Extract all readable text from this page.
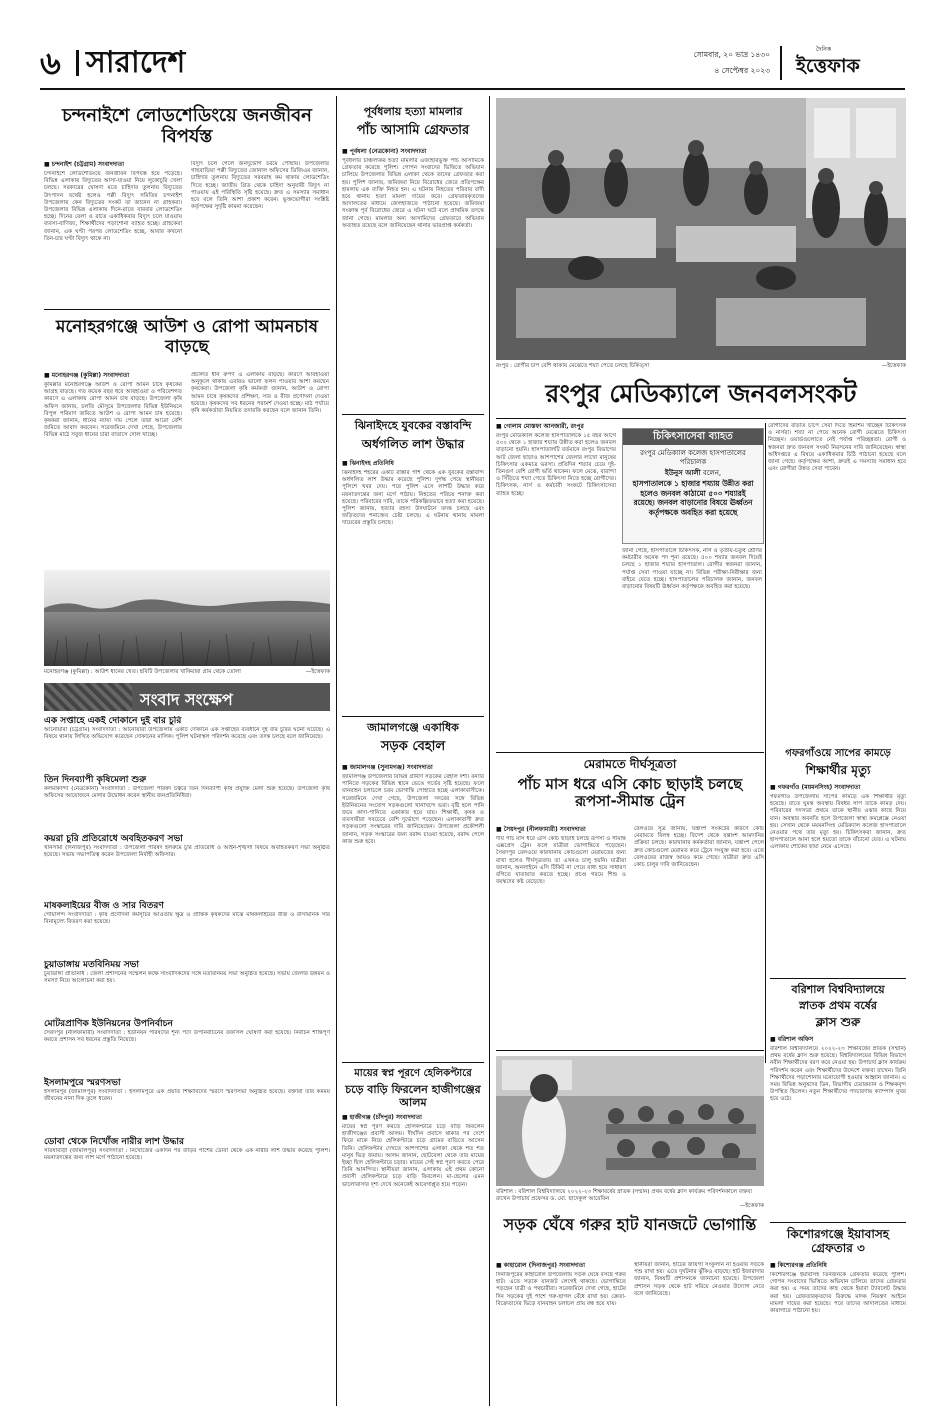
৬ সারাদেশ	সোমবার, ২০ ভাদ্র ১৪৩০
৪ সেপ্টেম্বর ২০২৩
দৈনিক
ইত্তেফাক
চন্দনাইশে লোডশেডিংয়ে জনজীবন বিপর্যস্ত
■ চন্দনাইশ (চট্টগ্রাম) সংবাদদাতা
চন্দনাইশে লোডশেডিংয়ে জনজীবন বিপর্যস্ত হয়ে পড়েছে। বিভিন্ন এলাকায় বিদ্যুতের আসা-যাওয়া নিয়ে লুকোচুরি খেলা চলছে। সরকারের ঘোষণা মতে চাহিদার তুলনায় বিদ্যুতের উৎপাদন যথেষ্ট হলেও পল্লী বিদ্যুৎ সমিতির চন্দনাইশ উপজেলায় কেন বিদ্যুতের সংকট তা জানেন না গ্রাহকরা। উপজেলার বিভিন্ন এলাকায় দিনে-রাতে বারবার লোডশেডিং হচ্ছে। দিনের বেলা ও রাতে একাধিকবার বিদ্যুৎ চলে যাওয়ায় ব্যবসা-বাণিজ্য, শিক্ষার্থীদের পড়াশোনা ব্যাহত হচ্ছে। গ্রাহকেরা জানান, এক ঘণ্টা পরপর লোডশেডিং হচ্ছে, আবার কখনো তিন-চার ঘণ্টা বিদ্যুৎ থাকে না।
বিদ্যুৎ চলে গেলে জনদুর্ভোগ চরমে পৌঁছায়। উপজেলার গাছবাড়িয়া পল্লী বিদ্যুতের জোনাল অফিসের ডিজিএম জানান, চাহিদার তুলনায় বিদ্যুতের সরবরাহ কম থাকায় লোডশেডিং দিতে হচ্ছে। জাতীয় গ্রিড থেকে চাহিদা অনুযায়ী বিদ্যুৎ না পাওয়ায় এই পরিস্থিতি সৃষ্টি হয়েছে। দ্রুত এ সমস্যার সমাধান হবে বলে তিনি আশা প্রকাশ করেন। ভুক্তভোগীরা সংশ্লিষ্ট কর্তৃপক্ষের সুদৃষ্টি কামনা করেছেন।
মনোহরগঞ্জে আউশ ও রোপা আমনচাষ বাড়ছে
■ মনোহরগঞ্জ (কুমিল্লা) সংবাদদাতা
কুমিল্লার মনোহরগঞ্জে আউশ ও রোপা আমন চাষে কৃষকের আগ্রহ বাড়ছে। গত কয়েক বছর ধরে আবহাওয়া ও পরিবেশগত কারণে এ এলাকায় রোপা আমন চাষ বাড়ছে। উপজেলা কৃষি অফিস জানায়, চলতি মৌসুমে উপজেলার বিভিন্ন ইউনিয়নে বিপুল পরিমাণ জমিতে আউশ ও রোপা আমন চাষ হয়েছে। কৃষকরা জানান, ধানের ন্যায্য দাম পেলে তারা আরো বেশি জমিতে আবাদ করবেন। সরেজমিনে দেখা গেছে, উপজেলার বিভিন্ন মাঠে সবুজ ধানের চারা বাতাসে দোল খাচ্ছে।
প্রচলিত ধান রুপণ এ এলাকায় বাড়ছে। কারণে আবহাওয়া অনুকূলে থাকায় এবারও ভালো ফলন পাওয়ার আশা করছেন কৃষকেরা। উপজেলা কৃষি কর্মকর্তা জানান, আউশ ও রোপা আমন চাষে কৃষকদের প্রশিক্ষণ, সার ও বীজ প্রণোদনা দেওয়া হয়েছে। কৃষকদের সব ধরনের পরামর্শ দেওয়া হচ্ছে। মাঠ পর্যায়ে কৃষি কর্মকর্তারা নিয়মিত তদারকি করছেন বলে জানান তিনি।
মনোহরগঞ্জ (কুমিল্লা) : আউশ ধানের খেত। ছবিটি উপজেলার খাকিয়ারা গ্রাম থেকে তোলা	—ইত্তেফাক
সংবাদ সংক্ষেপ
এক সপ্তাহে একই দোকানে দুই বার চুরি
আনোয়ারা (চট্টগ্রাম) সংবাদদাতা : আনোয়ারা উপজেলায় একটি দোকানে এক সপ্তাহের ব্যবধানে দুই বার চুরির ঘটনা ঘটেছে। এ বিষয়ে থানায় লিখিত অভিযোগ করেছেন দোকানের মালিক। পুলিশ ঘটনাস্থল পরিদর্শন করেছে এবং তদন্ত চলছে বলে জানিয়েছে।
তিন দিনব্যাপী কৃষিমেলা শুরু
কলমাকান্দা (নেত্রকোনা) সংবাদদাতা : উপজেলা পরিষদ চত্বরে তিন দিনব্যাপী কৃষি প্রযুক্তি মেলা শুরু হয়েছে। উপজেলা কৃষি অফিসের আয়োজনে মেলার উদ্বোধন করেন স্থানীয় জনপ্রতিনিধিরা।
কয়রা চুরি প্রতিরোধে অবহিতকরণ সভা
খানসামা (দিনাজপুর) সংবাদদাতা : উপজেলা পরিষদ হলরুমে চুরি প্রতিরোধ ও আইন-শৃঙ্খলা বিষয়ে অবহিতকরণ সভা অনুষ্ঠিত হয়েছে। সভায় সভাপতিত্ব করেন উপজেলা নির্বাহী অফিসার।
মাষকলাইয়ের বীজ ও সার বিতরণ
গোয়ালন্দ সংবাদদাতা : কৃষি প্রণোদনা কর্মসূচির আওতায় ক্ষুদ্র ও প্রান্তিক কৃষকদের মাঝে মাষকলাইয়ের বীজ ও রাসায়নিক সার বিনামূল্যে বিতরণ করা হয়েছে।
চুয়াডাঙ্গায় মতবিনিময় সভা
চুয়াডাঙ্গা প্রতিনিধি : জেলা প্রশাসনের সম্মেলন কক্ষে সাংবাদিকদের সঙ্গে মতবিনিময় সভা অনুষ্ঠিত হয়েছে। সভায় জেলার উন্নয়ন ও সমস্যা নিয়ে আলোচনা করা হয়।
মোটরপ্রাণিক ইউনিয়নের উপনির্বাচন
সৈয়দপুর (নীলফামারী) সংবাদদাতা : ইউনিয়ন পরিষদের শূন্য পদে উপনির্বাচনের তফসিল ঘোষণা করা হয়েছে। নির্বাচন শান্তিপূর্ণ করতে প্রশাসন সব ধরনের প্রস্তুতি নিয়েছে।
ইসলামপুরে স্মরণসভা
ইসলামপুর (জামালপুর) সংবাদদাতা : ইসলামপুরে এক প্রয়াত শিক্ষাবিদের স্মরণে স্মরণসভা অনুষ্ঠিত হয়েছে। বক্তারা তার কর্মময় জীবনের নানা দিক তুলে ধরেন।
ডোবা থেকে নিখোঁজ নারীর লাশ উদ্ধার
সরিষাবাড়ী (জামালপুর) সংবাদদাতা : নিখোঁজের একদিন পর বাড়ির পাশের ডোবা থেকে এক নারীর লাশ উদ্ধার করেছে পুলিশ। ময়নাতদন্তের জন্য লাশ মর্গে পাঠানো হয়েছে।
পূর্বধলায় হত্যা মামলার
পাঁচ আসামি গ্রেফতার
■ পূর্বধলা (নেত্রকোনা) সংবাদদাতা
পূর্বধলায় চাঞ্চল্যকর হত্যা মামলার এজাহারভুক্ত পাঁচ আসামিকে গ্রেফতার করেছে পুলিশ। গোপন সংবাদের ভিত্তিতে অভিযান চালিয়ে উপজেলার বিভিন্ন এলাকা থেকে তাদের গ্রেফতার করা হয়। পুলিশ জানায়, জমিজমা নিয়ে বিরোধের জেরে প্রতিপক্ষের হামলায় এক ব্যক্তি নিহত হন। এ ঘটনায় নিহতের পরিবার বাদী হয়ে থানায় হত্যা মামলা দায়ের করে। গ্রেফতারকৃতদের আদালতের মাধ্যমে জেলহাজতে পাঠানো হয়েছে। জমিজমা সংক্রান্ত পূর্ব বিরোধের জেরে এ ঘটনা ঘটে বলে প্রাথমিক তদন্তে জানা গেছে। মামলার অন্য আসামিদের গ্রেফতারে অভিযান অব্যাহত রয়েছে বলে জানিয়েছেন থানার ভারপ্রাপ্ত কর্মকর্তা।
ঝিনাইদহে যুবকের বস্তাবন্দি
অর্ধগলিত লাশ উদ্ধার
■ ঝিনাইদহ প্রতিনিধি
ঝিনাইদহ শহরের একটি রাস্তার পাশ থেকে এক যুবকের বস্তাবন্দি অর্ধগলিত লাশ উদ্ধার করেছে পুলিশ। দুর্গন্ধ পেয়ে স্থানীয়রা পুলিশে খবর দেয়। পরে পুলিশ এসে লাশটি উদ্ধার করে ময়নাতদন্তের জন্য মর্গে পাঠায়। নিহতের পরিচয় শনাক্ত করা হয়েছে। পরিবারের দাবি, তাকে পরিকল্পিতভাবে হত্যা করা হয়েছে। পুলিশ জানায়, হত্যার রহস্য উদঘাটনে তদন্ত চলছে এবং জড়িতদের শনাক্তের চেষ্টা চলছে। এ ঘটনায় থানায় মামলা দায়েরের প্রস্তুতি চলছে।
জামালগঞ্জে একাধিক
সড়ক বেহাল
■ জামালগঞ্জ (সুনামগঞ্জ) সংবাদদাতা
জামালগঞ্জ উপজেলার বিভিন্ন গ্রামীণ সড়কের বেহাল দশা। বন্যার পানিতে সড়কের বিভিন্ন স্থানে ভেঙে গর্তের সৃষ্টি হয়েছে। ফলে যানবাহন চলাচলে চরম ভোগান্তি পোহাতে হচ্ছে এলাকাবাসীকে। সরেজমিনে দেখা গেছে, উপজেলা সদরের সঙ্গে বিভিন্ন ইউনিয়নের সংযোগ সড়কগুলো খানাখন্দে ভরা। বৃষ্টি হলে পানি জমে কাদা-পানিতে একাকার হয়ে যায়। শিক্ষার্থী, কৃষক ও ব্যবসায়ীরা সবচেয়ে বেশি দুর্ভোগে পড়েছেন। এলাকাবাসী দ্রুত সড়কগুলো সংস্কারের দাবি জানিয়েছেন। উপজেলা প্রকৌশলী জানান, সড়ক সংস্কারের জন্য বরাদ্দ চাওয়া হয়েছে, বরাদ্দ পেলে কাজ শুরু হবে।
মায়ের স্বপ্ন পূরণে হেলিকপ্টারে
চড়ে বাড়ি ফিরলেন হাজীগঞ্জের আলম
■ হাজীগঞ্জ (চাঁদপুর) সংবাদদাতা
মায়ের স্বপ্ন পূরণ করতে হেলিকপ্টারে চড়ে বাড়ি ফিরলেন হাজীগঞ্জের প্রবাসী আলম। দীর্ঘদিন প্রবাসে থাকার পর দেশে ফিরে মাকে নিয়ে হেলিকপ্টারে চড়ে গ্রামের বাড়িতে আসেন তিনি। হেলিকপ্টার দেখতে আশপাশের এলাকা থেকে শত শত মানুষ ভিড় জমায়। আলম জানান, ছোটবেলা থেকে তার মায়ের ইচ্ছা ছিল হেলিকপ্টারে চড়ার। মায়ের সেই স্বপ্ন পূরণ করতে পেরে তিনি আনন্দিত। স্থানীয়রা জানান, এলাকায় এই প্রথম কোনো প্রবাসী হেলিকপ্টারে চড়ে বাড়ি ফিরলেন। মা-ছেলের এমন ভালোবাসার দৃশ্য দেখে অনেকেই আবেগাপ্লুত হয়ে পড়েন।
রংপুর : রোগীর চাপ বেশি থাকায় মেঝেতে শয্যা পেতে চলছে চিকিত্সা	—ইত্তেফাক
রংপুর মেডিক্যালে জনবলসংকট
■ গোলাম মোস্তফা আনজারী, রংপুর
রংপুর মেডিক্যাল কলেজ হাসপাতালকে ১৫ বছর আগে ৫০০ থেকে ১ হাজার শয্যায় উন্নীত করা হলেও জনবল বাড়ানো হয়নি। হাসপাতালটি বর্তমানে রংপুর বিভাগের আট জেলা ছাড়াও আশপাশের জেলার লাখো মানুষের চিকিৎসার একমাত্র ভরসা। প্রতিদিন শয্যার চেয়ে দুই-তিনগুণ বেশি রোগী ভর্তি থাকেন। ফলে মেঝে, বারান্দা ও সিঁড়িতে শয্যা পেতে চিকিৎসা নিতে হচ্ছে রোগীদের। চিকিৎসক, নার্স ও কর্মচারী সংকটে চিকিৎসাসেবা ব্যাহত হচ্ছে।
চিকিৎসাসেবা ব্যাহত
রংপুর মেডিক্যাল কলেজ হাসপাতালের পরিচালক
ইউনুস আলী বলেন,
হাসপাতালকে ১ হাজার শয্যায় উন্নীত করা হলেও জনবল কাঠামো ৫০০ শয্যারই রয়েছে। জনবল বাড়ানোর বিষয়ে ঊর্ধ্বতন কর্তৃপক্ষকে অবহিত করা হয়েছে
জানা গেছে, হাসপাতালে চিকিৎসক, নার্স ও তৃতীয়-চতুর্থ শ্রেণির কর্মচারীর অনেক পদ শূন্য রয়েছে। ৫০০ শয্যার জনবল দিয়েই চলছে ১ হাজার শয্যার হাসপাতাল। রোগীর স্বজনরা জানান, পর্যাপ্ত সেবা পাওয়া যাচ্ছে না। বিভিন্ন পরীক্ষা-নিরীক্ষার জন্য বাইরে যেতে হচ্ছে। হাসপাতালের পরিচালক জানান, জনবল বাড়ানোর বিষয়টি ঊর্ধ্বতন কর্তৃপক্ষকে অবহিত করা হয়েছে।
রোগীদের বাড়তি চাপে সেবা দিতে হিমশিম খাচ্ছেন চিকিৎসক ও নার্সরা। শয্যা না পেয়ে অনেক রোগী মেঝেতে চিকিৎসা নিচ্ছেন। ওয়ার্ডগুলোতে নেই পর্যাপ্ত পরিচ্ছন্নতা। রোগী ও স্বজনরা দ্রুত জনবল সংকট নিরসনের দাবি জানিয়েছেন। স্বাস্থ্য অধিদপ্তরে এ বিষয়ে একাধিকবার চিঠি পাঠানো হয়েছে বলে জানা গেছে। কর্তৃপক্ষের আশা, দ্রুতই এ সমস্যার সমাধান হবে এবং রোগীরা উন্নত সেবা পাবেন।
মেরামতে দীর্ঘসূত্রতা
পাঁচ মাস ধরে এসি কোচ ছাড়াই চলছে রূপসা-সীমান্ত ট্রেন
■ সৈয়দপুর (নীলফামারী) সংবাদদাতা
দীর্ঘ পাঁচ মাস ধরে এসি কোচ ছাড়াই চলছে রূপসা ও সীমান্ত এক্সপ্রেস ট্রেন। ফলে যাত্রীরা ভোগান্তিতে পড়েছেন। সৈয়দপুর রেলওয়ে কারখানায় কোচগুলো মেরামতের জন্য রাখা হলেও দীর্ঘসূত্রতায় তা এখনও চালু হয়নি। যাত্রীরা জানান, অনলাইনে এসি টিকিট না পেয়ে বাধ্য হয়ে সাধারণ বগিতে যাতায়াত করতে হচ্ছে। প্রচণ্ড গরমে শিশু ও বয়স্কদের কষ্ট বেড়েছে।
রেলওয়ে সূত্র জানায়, যন্ত্রাংশ সংকটের কারণে কোচ মেরামতে বিলম্ব হচ্ছে। বিদেশ থেকে যন্ত্রাংশ আমদানির প্রক্রিয়া চলছে। কারখানার কর্মকর্তারা জানান, যন্ত্রাংশ পেলে দ্রুত কোচগুলো মেরামত করে ট্রেনে সংযুক্ত করা হবে। এতে রেলওয়ের রাজস্ব আয়ও কমে গেছে। যাত্রীরা দ্রুত এসি কোচ চালুর দাবি জানিয়েছেন।
গফরগাঁওয়ে সাপের কামড়ে
শিক্ষার্থীর মৃত্যু
■ গফরগাঁও (ময়মনসিংহ) সংবাদদাতা
গফরগাঁও উপজেলায় সাপের কামড়ে এক শিক্ষার্থীর মৃত্যু হয়েছে। রাতে ঘুমন্ত অবস্থায় বিষধর সাপ তাকে কামড় দেয়। পরিবারের সদস্যরা প্রথমে তাকে স্থানীয় ওঝার কাছে নিয়ে যান। অবস্থার অবনতি হলে উপজেলা স্বাস্থ্য কমপ্লেক্সে নেওয়া হয়। সেখান থেকে ময়মনসিংহ মেডিক্যাল কলেজ হাসপাতালে নেওয়ার পথে তার মৃত্যু হয়। চিকিৎসকরা জানান, দ্রুত হাসপাতালে আনা হলে হয়তো তাকে বাঁচানো যেত। এ ঘটনায় এলাকায় শোকের ছায়া নেমে এসেছে।
বরিশাল বিশ্ববিদ্যালয়ে
স্নাতক প্রথম বর্ষের
ক্লাস শুরু
■ বরিশাল অফিস
বরিশাল বিশ্ববিদ্যালয়ে ২০২২-২৩ শিক্ষাবর্ষের স্নাতক (সম্মান) প্রথম বর্ষের ক্লাস শুরু হয়েছে। বিশ্ববিদ্যালয়ের বিভিন্ন বিভাগে নবীন শিক্ষার্থীদের বরণ করে নেওয়া হয়। উপাচার্য ক্লাস কার্যক্রম পরিদর্শন করেন এবং শিক্ষার্থীদের উদ্দেশে বক্তব্য রাখেন। তিনি শিক্ষার্থীদের পড়াশোনায় মনোযোগী হওয়ার আহ্বান জানান। এ সময় বিভিন্ন অনুষদের ডিন, বিভাগীয় চেয়ারম্যান ও শিক্ষকবৃন্দ উপস্থিত ছিলেন। নতুন শিক্ষার্থীদের পদচারণায় ক্যাম্পাস মুখর হয়ে ওঠে।
কিশোরগঞ্জে ইয়াবাসহ গ্রেফতার ৩
■ কিশোরগঞ্জ প্রতিনিধি
কিশোরগঞ্জে ইয়াবাসহ তিনজনকে গ্রেফতার করেছে পুলিশ। গোপন সংবাদের ভিত্তিতে অভিযান চালিয়ে তাদের গ্রেফতার করা হয়। এ সময় তাদের কাছ থেকে ইয়াবা ট্যাবলেট উদ্ধার করা হয়। গ্রেফতারকৃতদের বিরুদ্ধে মাদক নিয়ন্ত্রণ আইনে মামলা দায়ের করা হয়েছে। পরে তাদের আদালতের মাধ্যমে কারাগারে পাঠানো হয়।
বরিশাল : বরিশাল বিশ্ববিদ্যালয়ে ২০২২-২৩ শিক্ষাবর্ষের স্নাতক (সম্মান) প্রথম বর্ষের ক্লাস কার্যক্রম পরিদর্শনকালে বক্তব্য রাখেন উপাচার্য প্রফেসর ড. মো. ছাদেকুল আরেফিন
—ইত্তেফাক
সড়ক ঘেঁষে গরুর হাট যানজটে ভোগান্তি
■ কাহারোল (দিনাজপুর) সংবাদদাতা
দিনাজপুরের কাহারোল উপজেলায় সড়ক ঘেঁষে বসছে গরুর হাট। এতে সড়কে যানজট লেগেই থাকছে। ভোগান্তিতে পড়ছেন যাত্রী ও পথচারীরা। সরেজমিনে দেখা গেছে, হাটের দিন সড়কের দুই পাশে গরু-ছাগল বেঁধে রাখা হয়। ক্রেতা-বিক্রেতাদের ভিড়ে যানবাহন চলাচল প্রায় বন্ধ হয়ে যায়।
স্থানীয়রা জানান, হাটের জায়গা সংকুলান না হওয়ায় সড়কে পশু রাখা হয়। এতে দুর্ঘটনার ঝুঁকিও বাড়ছে। হাট ইজারাদার জানান, বিষয়টি প্রশাসনকে জানানো হয়েছে। উপজেলা প্রশাসন সড়ক থেকে হাট সরিয়ে নেওয়ার উদ্যোগ নেবে বলে জানিয়েছে।
